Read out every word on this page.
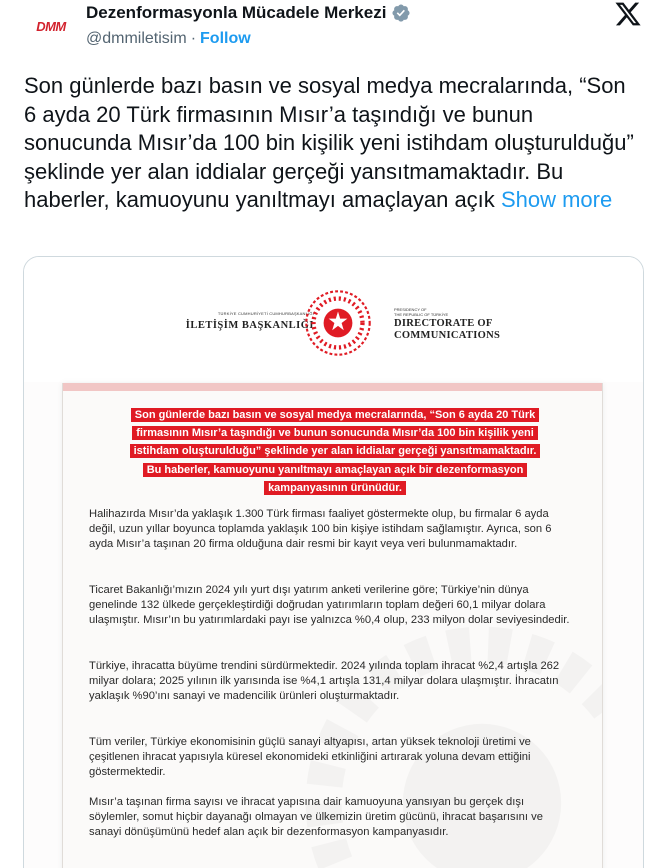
DMM
Dezenformasyonla Mücadele Merkezi
@dmmiletisim · Follow
Son günlerde bazı basın ve sosyal medya mecralarında, “Son 6 ayda 20 Türk firmasının Mısır’a taşındığı ve bunun sonucunda Mısır’da 100 bin kişilik yeni istihdam oluşturulduğu” şeklinde yer alan iddialar gerçeği yansıtmamaktadır. Bu haberler, kamuoyunu yanıltmayı amaçlayan açık Show more
TÜRKİYE CUMHURİYETİ CUMHURBAŞKANLIĞI
İLETİŞİM BAŞKANLIĞI
PRESIDENCY OF
THE REPUBLIC OF TÜRKİYE
DIRECTORATE OF
COMMUNICATIONS
Son günlerde bazı basın ve sosyal medya mecralarında, “Son 6 ayda 20 Türk
firmasının Mısır’a taşındığı ve bunun sonucunda Mısır’da 100 bin kişilik yeni
istihdam oluşturulduğu” şeklinde yer alan iddialar gerçeği yansıtmamaktadır.
Bu haberler, kamuoyunu yanıltmayı amaçlayan açık bir dezenformasyon
kampanyasının ürünüdür.
Halihazırda Mısır’da yaklaşık 1.300 Türk firması faaliyet göstermekte olup, bu firmalar 6 ayda değil, uzun yıllar boyunca toplamda yaklaşık 100 bin kişiye istihdam sağlamıştır. Ayrıca, son 6 ayda Mısır’a taşınan 20 firma olduğuna dair resmi bir kayıt veya veri bulunmamaktadır.
Ticaret Bakanlığı’mızın 2024 yılı yurt dışı yatırım anketi verilerine göre; Türkiye’nin dünya genelinde 132 ülkede gerçekleştirdiği doğrudan yatırımların toplam değeri 60,1 milyar dolara ulaşmıştır. Mısır’ın bu yatırımlardaki payı ise yalnızca %0,4 olup, 233 milyon dolar seviyesindedir.
Türkiye, ihracatta büyüme trendini sürdürmektedir. 2024 yılında toplam ihracat %2,4 artışla 262 milyar dolara; 2025 yılının ilk yarısında ise %4,1 artışla 131,4 milyar dolara ulaşmıştır. İhracatın yaklaşık %90’ını sanayi ve madencilik ürünleri oluşturmaktadır.
Tüm veriler, Türkiye ekonomisinin güçlü sanayi altyapısı, artan yüksek teknoloji üretimi ve çeşitlenen ihracat yapısıyla küresel ekonomideki etkinliğini artırarak yoluna devam ettiğini göstermektedir.
Mısır’a taşınan firma sayısı ve ihracat yapısına dair kamuoyuna yansıyan bu gerçek dışı söylemler, somut hiçbir dayanağı olmayan ve ülkemizin üretim gücünü, ihracat başarısını ve sanayi dönüşümünü hedef alan açık bir dezenformasyon kampanyasıdır.
